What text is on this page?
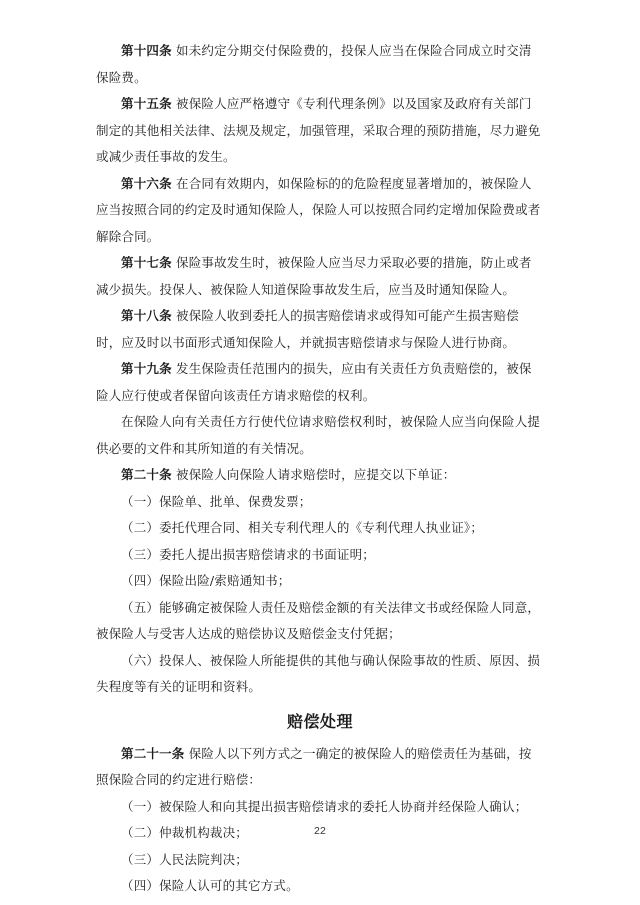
第十四条 如未约定分期交付保险费的，投保人应当在保险合同成立时交清保险费。

第十五条 被保险人应严格遵守《专利代理条例》以及国家及政府有关部门制定的其他相关法律、法规及规定，加强管理，采取合理的预防措施，尽力避免或减少责任事故的发生。

第十六条 在合同有效期内，如保险标的的危险程度显著增加的，被保险人应当按照合同的约定及时通知保险人，保险人可以按照合同约定增加保险费或者解除合同。

第十七条 保险事故发生时，被保险人应当尽力采取必要的措施，防止或者减少损失。投保人、被保险人知道保险事故发生后，应当及时通知保险人。

第十八条 被保险人收到委托人的损害赔偿请求或得知可能产生损害赔偿时，应及时以书面形式通知保险人，并就损害赔偿请求与保险人进行协商。

第十九条 发生保险责任范围内的损失，应由有关责任方负责赔偿的，被保险人应行使或者保留向该责任方请求赔偿的权利。

在保险人向有关责任方行使代位请求赔偿权利时，被保险人应当向保险人提供必要的文件和其所知道的有关情况。

第二十条 被保险人向保险人请求赔偿时，应提交以下单证：

（一）保险单、批单、保费发票；

（二）委托代理合同、相关专利代理人的《专利代理人执业证》；

（三）委托人提出损害赔偿请求的书面证明；

（四）保险出险/索赔通知书；

（五）能够确定被保险人责任及赔偿金额的有关法律文书或经保险人同意，被保险人与受害人达成的赔偿协议及赔偿金支付凭据；

（六）投保人、被保险人所能提供的其他与确认保险事故的性质、原因、损失程度等有关的证明和资料。

赔偿处理

第二十一条 保险人以下列方式之一确定的被保险人的赔偿责任为基础，按照保险合同的约定进行赔偿：

（一）被保险人和向其提出损害赔偿请求的委托人协商并经保险人确认；

（二）仲裁机构裁决；

（三）人民法院判决；

（四）保险人认可的其它方式。

22
